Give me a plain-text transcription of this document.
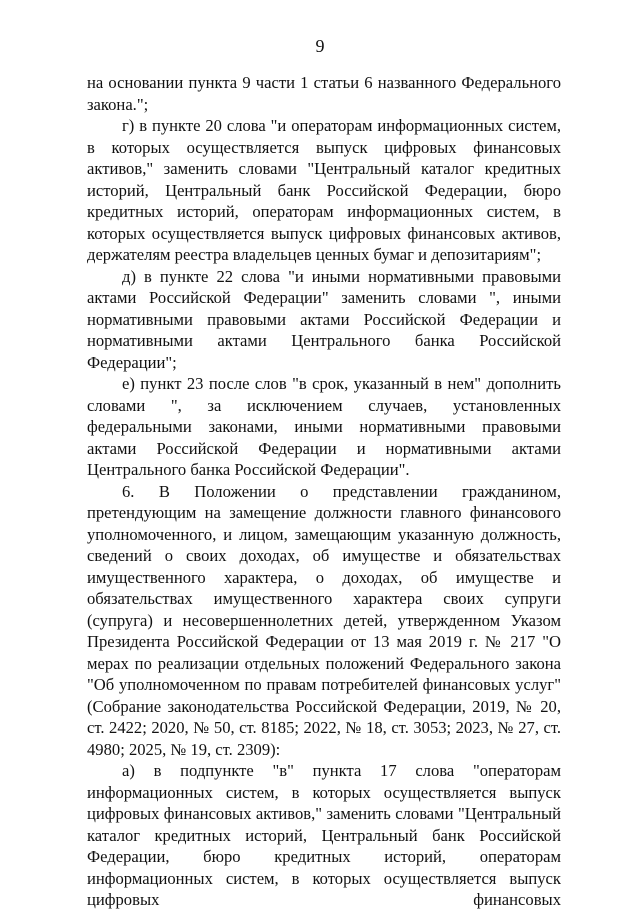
9

на основании пункта 9 части 1 статьи 6 названного Федерального закона.";

г) в пункте 20 слова "и операторам информационных систем, в которых осуществляется выпуск цифровых финансовых активов," заменить словами "Центральный каталог кредитных историй, Центральный банк Российской Федерации, бюро кредитных историй, операторам информационных систем, в которых осуществляется выпуск цифровых финансовых активов, держателям реестра владельцев ценных бумаг и депозитариям";

д) в пункте 22 слова "и иными нормативными правовыми актами Российской Федерации" заменить словами ", иными нормативными правовыми актами Российской Федерации и нормативными актами Центрального банка Российской Федерации";

е) пункт 23 после слов "в срок, указанный в нем" дополнить словами ", за исключением случаев, установленных федеральными законами, иными нормативными правовыми актами Российской Федерации и нормативными актами Центрального банка Российской Федерации".

6. В Положении о представлении гражданином, претендующим на замещение должности главного финансового уполномоченного, и лицом, замещающим указанную должность, сведений о своих доходах, об имуществе и обязательствах имущественного характера, о доходах, об имуществе и обязательствах имущественного характера своих супруги (супруга) и несовершеннолетних детей, утвержденном Указом Президента Российской Федерации от 13 мая 2019 г. № 217 "О мерах по реализации отдельных положений Федерального закона "Об уполномоченном по правам потребителей финансовых услуг" (Собрание законодательства Российской Федерации, 2019, № 20, ст. 2422; 2020, № 50, ст. 8185; 2022, № 18, ст. 3053; 2023, № 27, ст. 4980; 2025, № 19, ст. 2309):

а) в подпункте "в" пункта 17 слова "операторам информационных систем, в которых осуществляется выпуск цифровых финансовых активов," заменить словами "Центральный каталог кредитных историй, Центральный банк Российской Федерации, бюро кредитных историй, операторам информационных систем, в которых осуществляется выпуск цифровых финансовых
